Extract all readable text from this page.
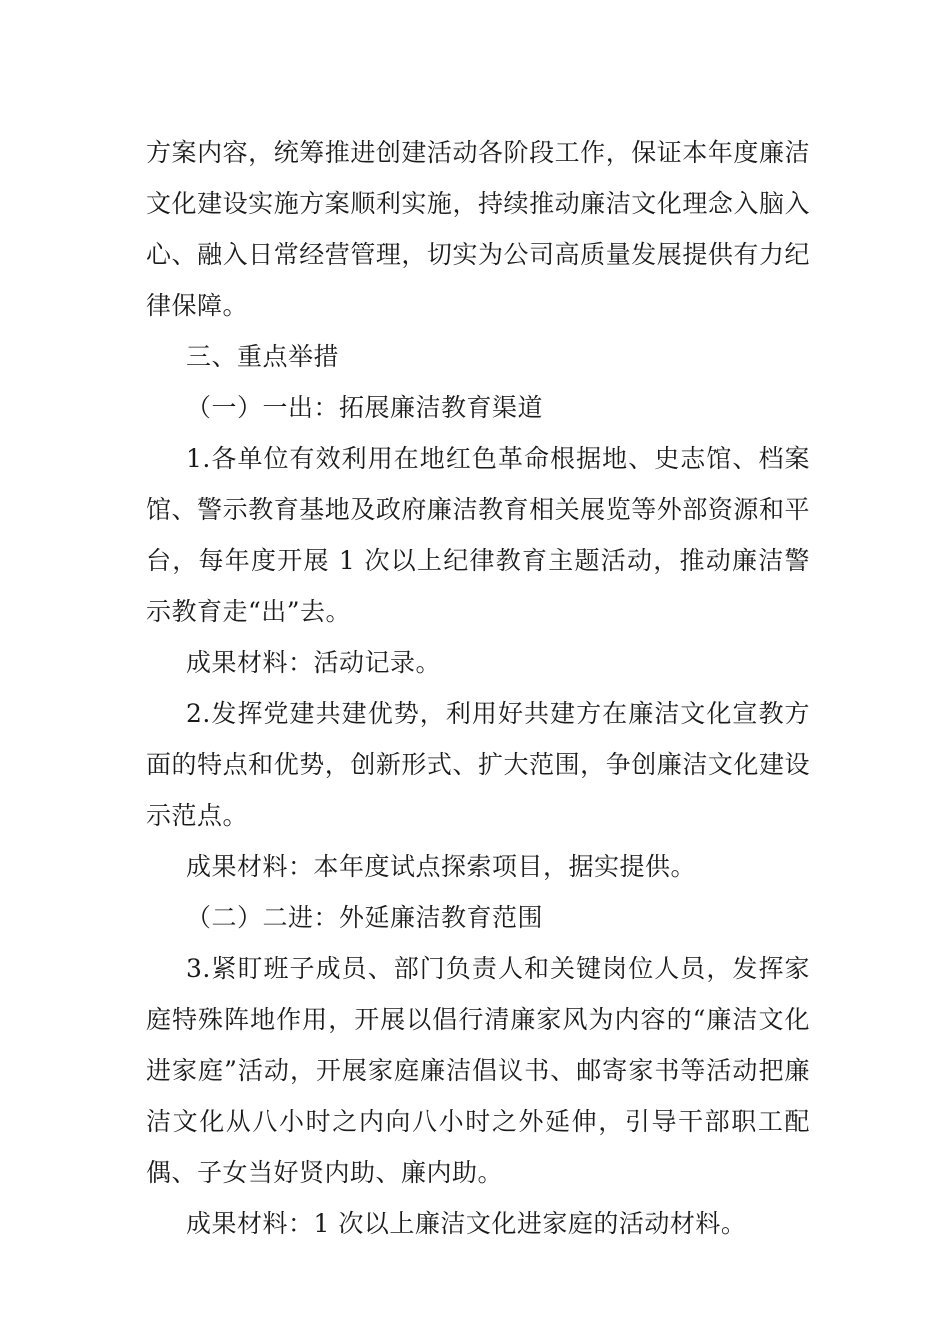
方案内容，统筹推进创建活动各阶段工作，保证本年度廉洁文化建设实施方案顺利实施，持续推动廉洁文化理念入脑入心、融入日常经营管理，切实为公司高质量发展提供有力纪律保障。

三、重点举措

（一）一出：拓展廉洁教育渠道

1.各单位有效利用在地红色革命根据地、史志馆、档案馆、警示教育基地及政府廉洁教育相关展览等外部资源和平台，每年度开展 1 次以上纪律教育主题活动，推动廉洁警示教育走“出”去。

成果材料：活动记录。

2.发挥党建共建优势，利用好共建方在廉洁文化宣教方面的特点和优势，创新形式、扩大范围，争创廉洁文化建设示范点。

成果材料：本年度试点探索项目，据实提供。

（二）二进：外延廉洁教育范围

3.紧盯班子成员、部门负责人和关键岗位人员，发挥家庭特殊阵地作用，开展以倡行清廉家风为内容的“廉洁文化进家庭”活动，开展家庭廉洁倡议书、邮寄家书等活动把廉洁文化从八小时之内向八小时之外延伸，引导干部职工配偶、子女当好贤内助、廉内助。

成果材料：1 次以上廉洁文化进家庭的活动材料。
